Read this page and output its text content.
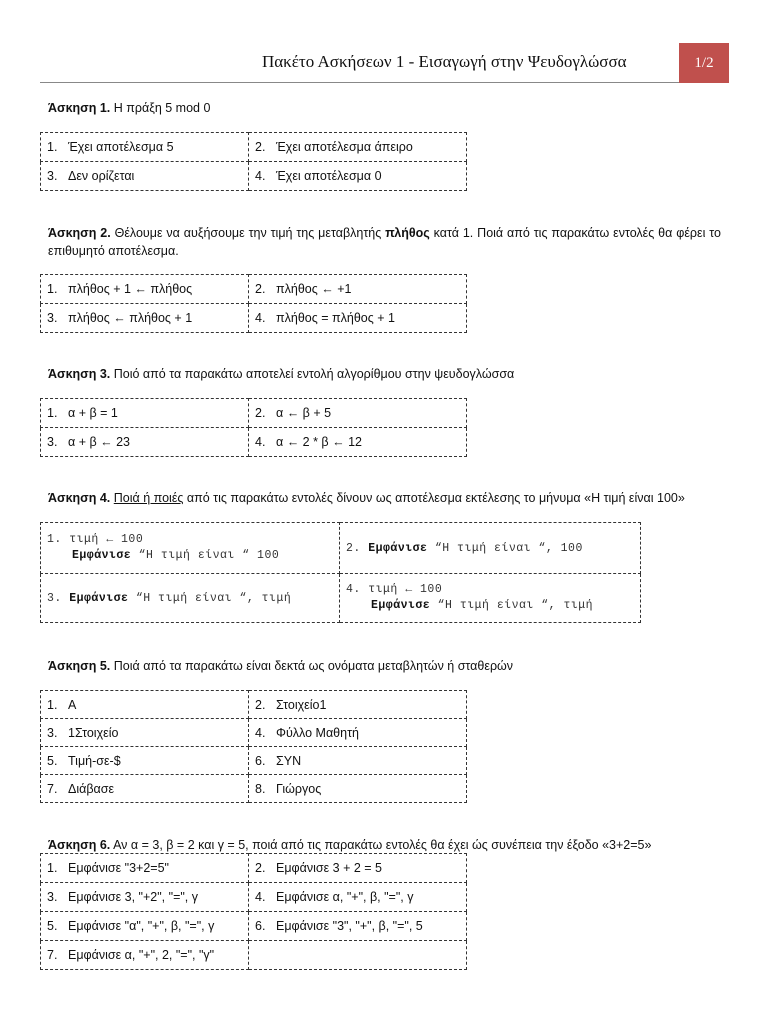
Πακέτο Ασκήσεων 1 - Εισαγωγή στην Ψευδογλώσσα	1/2
Άσκηση 1. Η πράξη 5 mod 0
1. Έχει αποτέλεσμα 5	2. Έχει αποτέλεσμα άπειρο
3. Δεν ορίζεται	4. Έχει αποτέλεσμα 0
Άσκηση 2. Θέλουμε να αυξήσουμε την τιμή της μεταβλητής πλήθος κατά 1. Ποιά από τις παρακάτω εντολές θα φέρει το επιθυμητό αποτέλεσμα.
1. πλήθος + 1 ← πλήθος	2. πλήθος ← +1
3. πλήθος ← πλήθος + 1	4. πλήθος = πλήθος + 1
Άσκηση 3. Ποιό από τα παρακάτω αποτελεί εντολή αλγορίθμου στην ψευδογλώσσα
1. α + β = 1	2. α ← β + 5
3. α + β ← 23	4. α ← 2 * β ← 12
Άσκηση 4. Ποιά ή ποιές από τις παρακάτω εντολές δίνουν ως αποτέλεσμα εκτέλεσης το μήνυμα «Η τιμή είναι 100»
1. τιμή ← 100
Εμφάνισε “Η τιμή είναι “ 100	2. Εμφάνισε “Η τιμή είναι “, 100
3. Εμφάνισε “Η τιμή είναι “, τιμή	4. τιμή ← 100
Εμφάνισε “Η τιμή είναι “, τιμή
Άσκηση 5. Ποιά από τα παρακάτω είναι δεκτά ως ονόματα μεταβλητών ή σταθερών
1. Α	2. Στοιχείο1
3. 1Στοιχείο	4. Φύλλο Μαθητή
5. Τιμή-σε-$	6. ΣΥΝ
7. Διάβασε	8. Γιώργος
Άσκηση 6. Αν α = 3, β = 2 και γ = 5, ποιά από τις παρακάτω εντολές θα έχει ώς συνέπεια την έξοδο «3+2=5»
1. Εμφάνισε "3+2=5"	2. Εμφάνισε 3 + 2 = 5
3. Εμφάνισε 3, "+2", "=", γ	4. Εμφάνισε α, "+", β, "=", γ
5. Εμφάνισε "α", "+", β, "=", γ	6. Εμφάνισε "3", "+", β, "=", 5
7. Εμφάνισε α, "+", 2, "=", "γ"	
